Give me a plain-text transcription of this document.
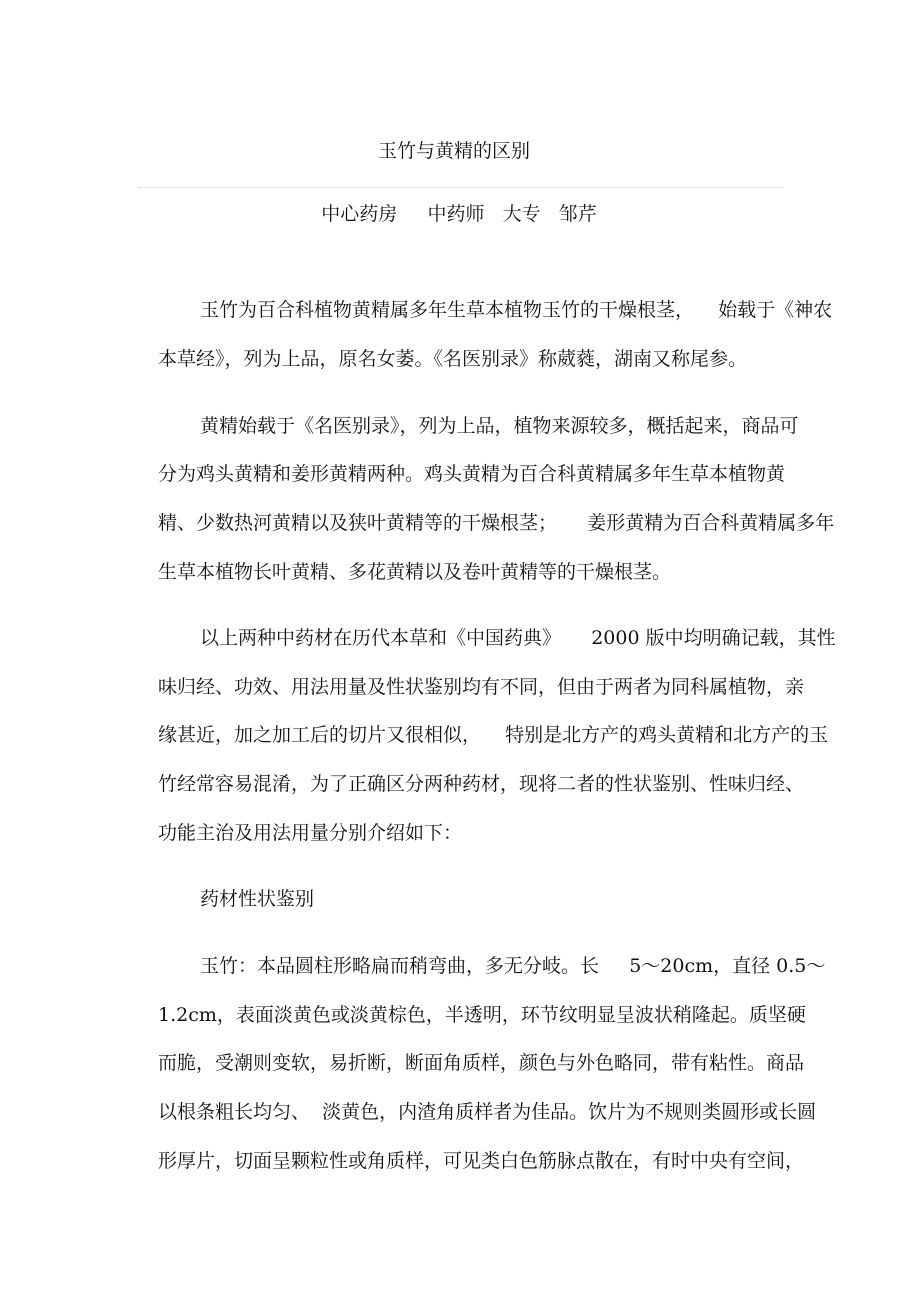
玉竹与黄精的区别
中心药房     中药师   大专   邹芹
玉竹为百合科植物黄精属多年生草本植物玉竹的干燥根茎，    始载于《神农
本草经》，列为上品，原名女萎。《名医别录》称葳蕤，湖南又称尾参。
黄精始载于《名医别录》，列为上品，植物来源较多，概括起来，商品可
分为鸡头黄精和姜形黄精两种。鸡头黄精为百合科黄精属多年生草本植物黄
精、少数热河黄精以及狭叶黄精等的干燥根茎；     姜形黄精为百合科黄精属多年
生草本植物长叶黄精、多花黄精以及卷叶黄精等的干燥根茎。
以上两种中药材在历代本草和《中国药典》     2000 版中均明确记载，其性
味归经、功效、用法用量及性状鉴别均有不同，但由于两者为同科属植物，亲
缘甚近，加之加工后的切片又很相似，    特别是北方产的鸡头黄精和北方产的玉
竹经常容易混淆，为了正确区分两种药材，现将二者的性状鉴别、性味归经、
功能主治及用法用量分别介绍如下：
药材性状鉴别
玉竹：本品圆柱形略扁而稍弯曲，多无分岐。长     5～20cm，直径 0.5～
1.2cm，表面淡黄色或淡黄棕色，半透明，环节纹明显呈波状稍隆起。质坚硬
而脆，受潮则变软，易折断，断面角质样，颜色与外色略同，带有粘性。商品
以根条粗长均匀、  淡黄色，内渣角质样者为佳品。饮片为不规则类圆形或长圆
形厚片，切面呈颗粒性或角质样，可见类白色筋脉点散在，有时中央有空间，
